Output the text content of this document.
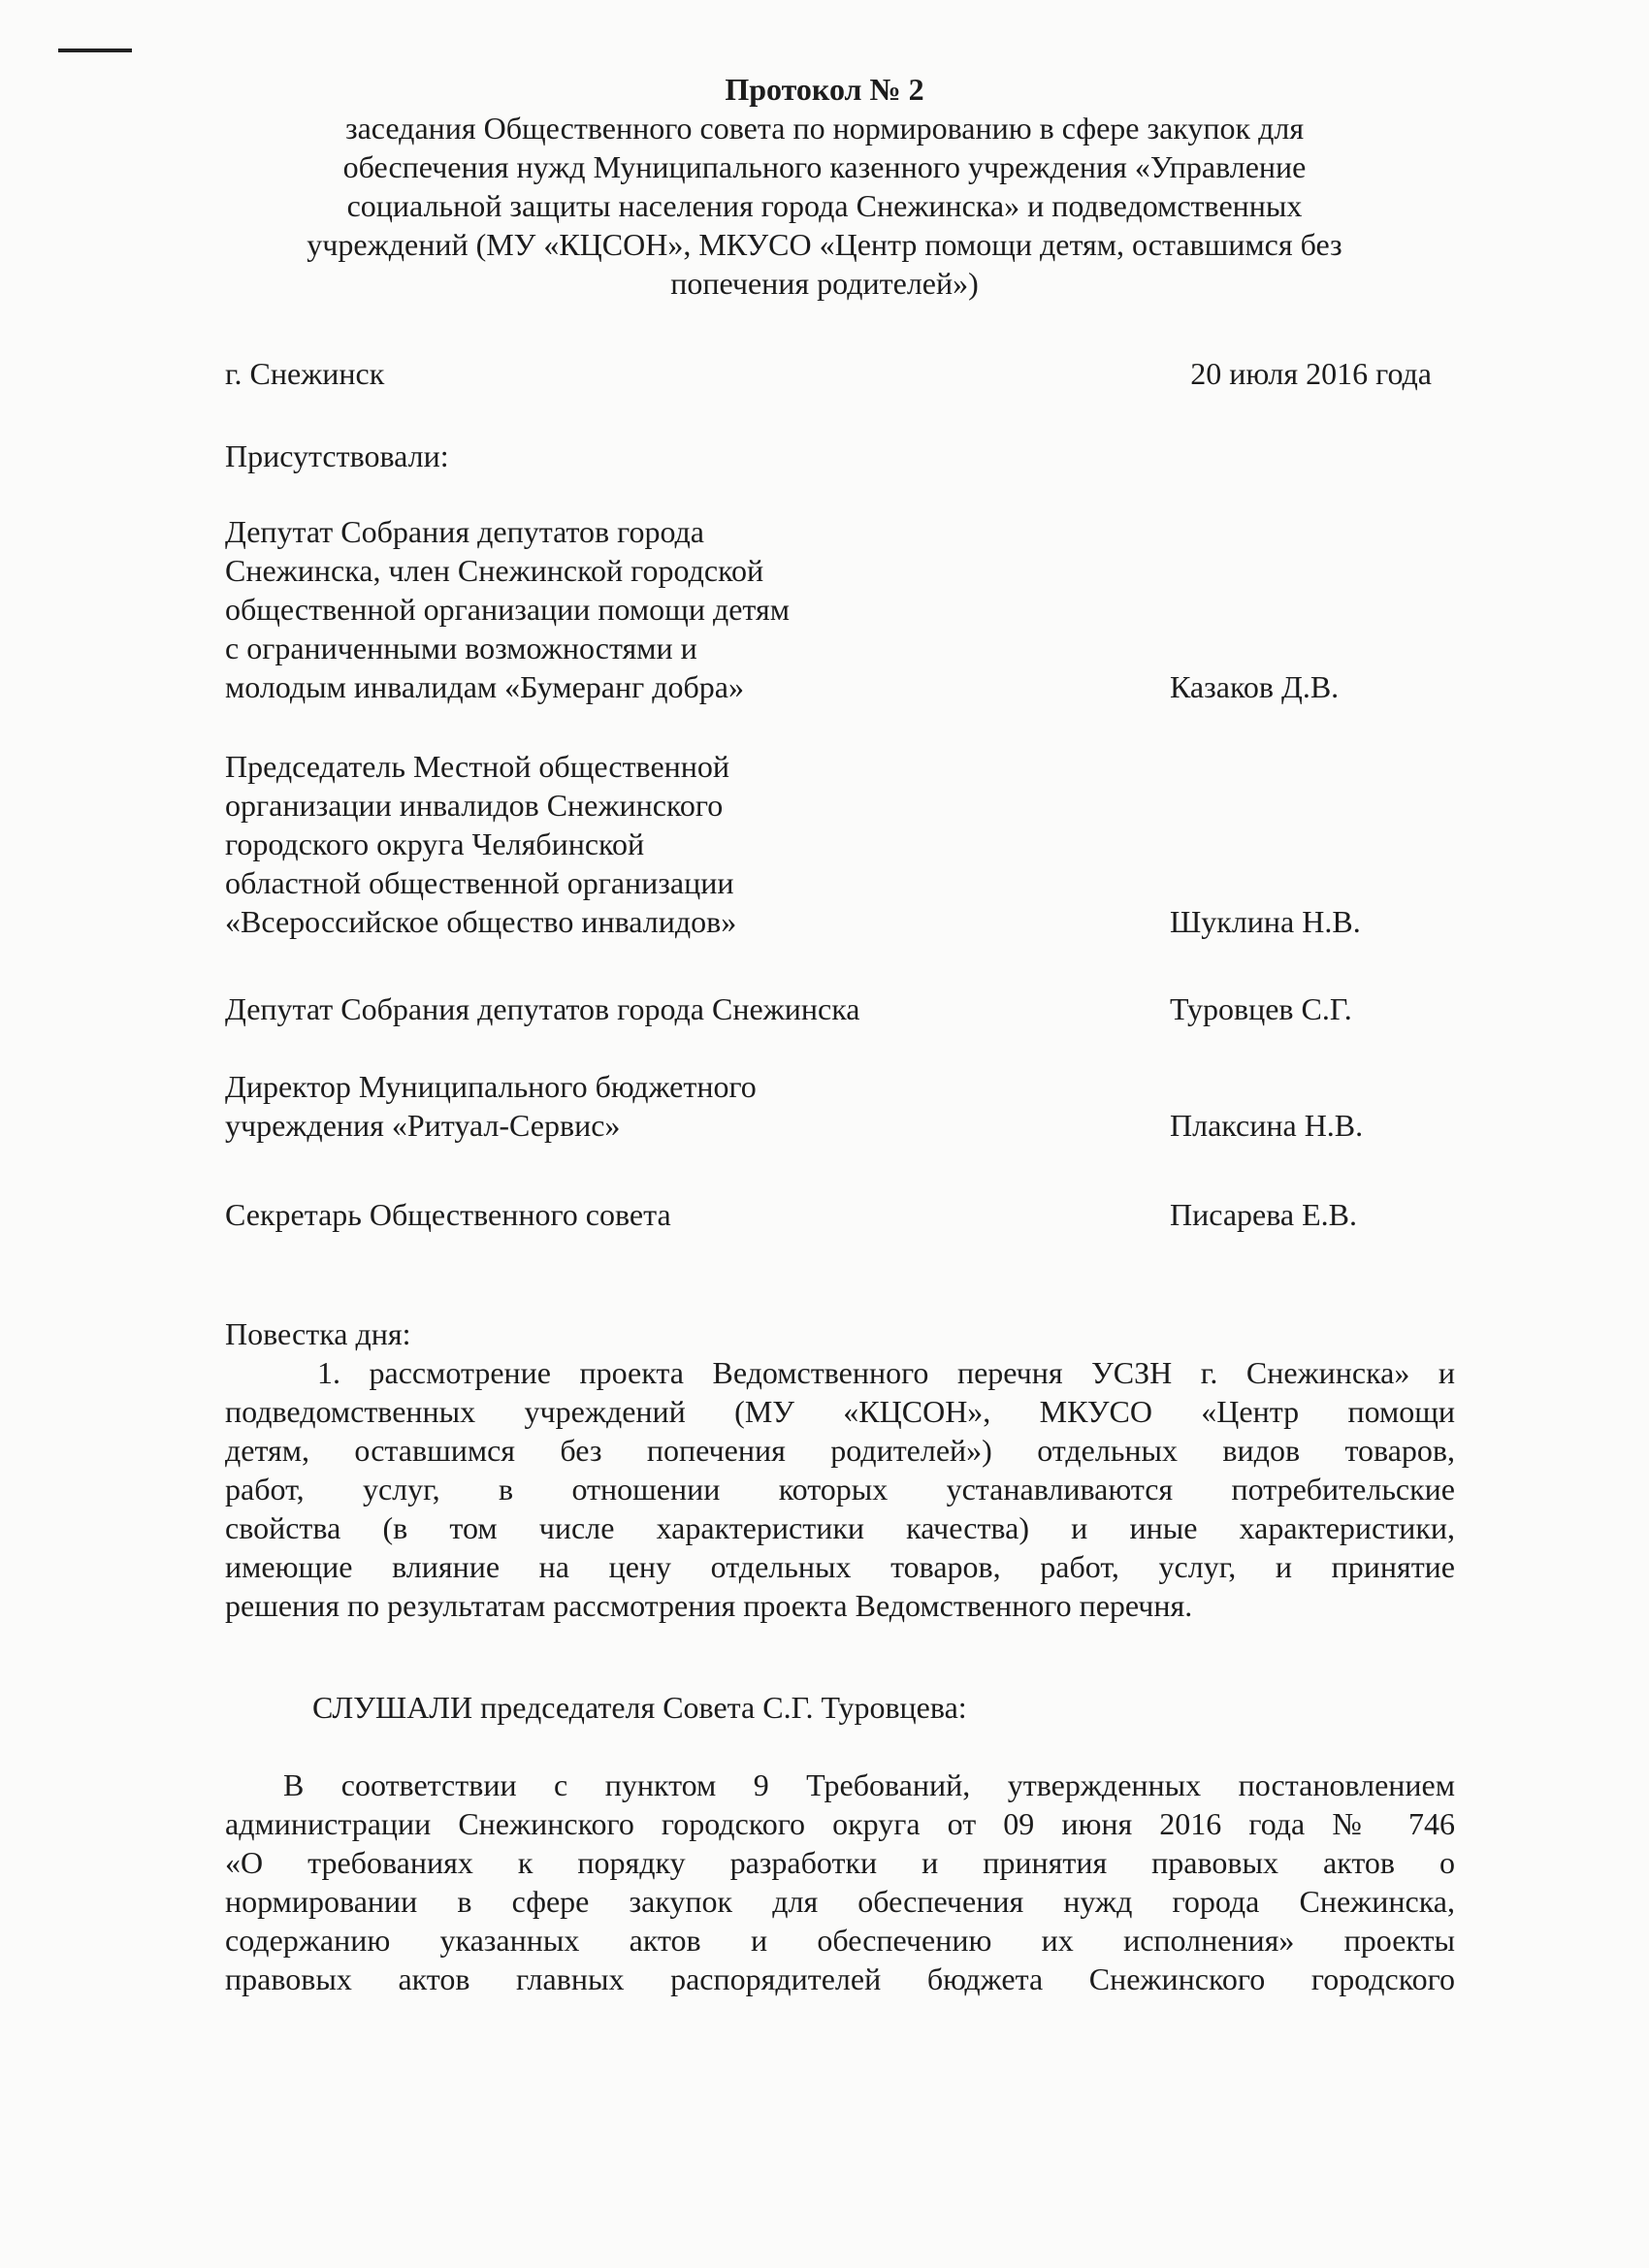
Протокол № 2
заседания Общественного совета по нормированию в сфере закупок для
обеспечения нужд Муниципального казенного учреждения «Управление
социальной защиты населения города Снежинска» и подведомственных
учреждений (МУ «КЦСОН», МКУСО «Центр помощи детям, оставшимся без
попечения родителей»)
г. Снежинск	20 июля 2016 года
Присутствовали:
Депутат Собрания депутатов города
Снежинска, член Снежинской городской
общественной организации помощи детям
с ограниченными возможностями и
молодым инвалидам «Бумеранг добра»	Казаков Д.В.
Председатель Местной общественной
организации инвалидов Снежинского
городского округа Челябинской
областной общественной организации
«Всероссийское общество инвалидов»	Шуклина Н.В.
Депутат Собрания депутатов города Снежинска	Туровцев С.Г.
Директор Муниципального бюджетного
учреждения «Ритуал-Сервис»	Плаксина Н.В.
Секретарь Общественного совета	Писарева Е.В.
Повестка дня:
1. рассмотрение проекта Ведомственного перечня УСЗН г. Снежинска» и
подведомственных учреждений (МУ «КЦСОН», МКУСО «Центр помощи
детям, оставшимся без попечения родителей») отдельных видов товаров,
работ, услуг, в отношении которых устанавливаются потребительские
свойства (в том числе характеристики качества) и иные характеристики,
имеющие влияние на цену отдельных товаров, работ, услуг, и принятие
решения по результатам рассмотрения проекта Ведомственного перечня.
СЛУШАЛИ председателя Совета С.Г. Туровцева:
В соответствии с пунктом 9 Требований, утвержденных постановлением
администрации Снежинского городского округа от 09 июня 2016 года № 746
«О требованиях к порядку разработки и принятия правовых актов о
нормировании в сфере закупок для обеспечения нужд города Снежинска,
содержанию указанных актов и обеспечению их исполнения» проекты
правовых актов главных распорядителей бюджета Снежинского городского
